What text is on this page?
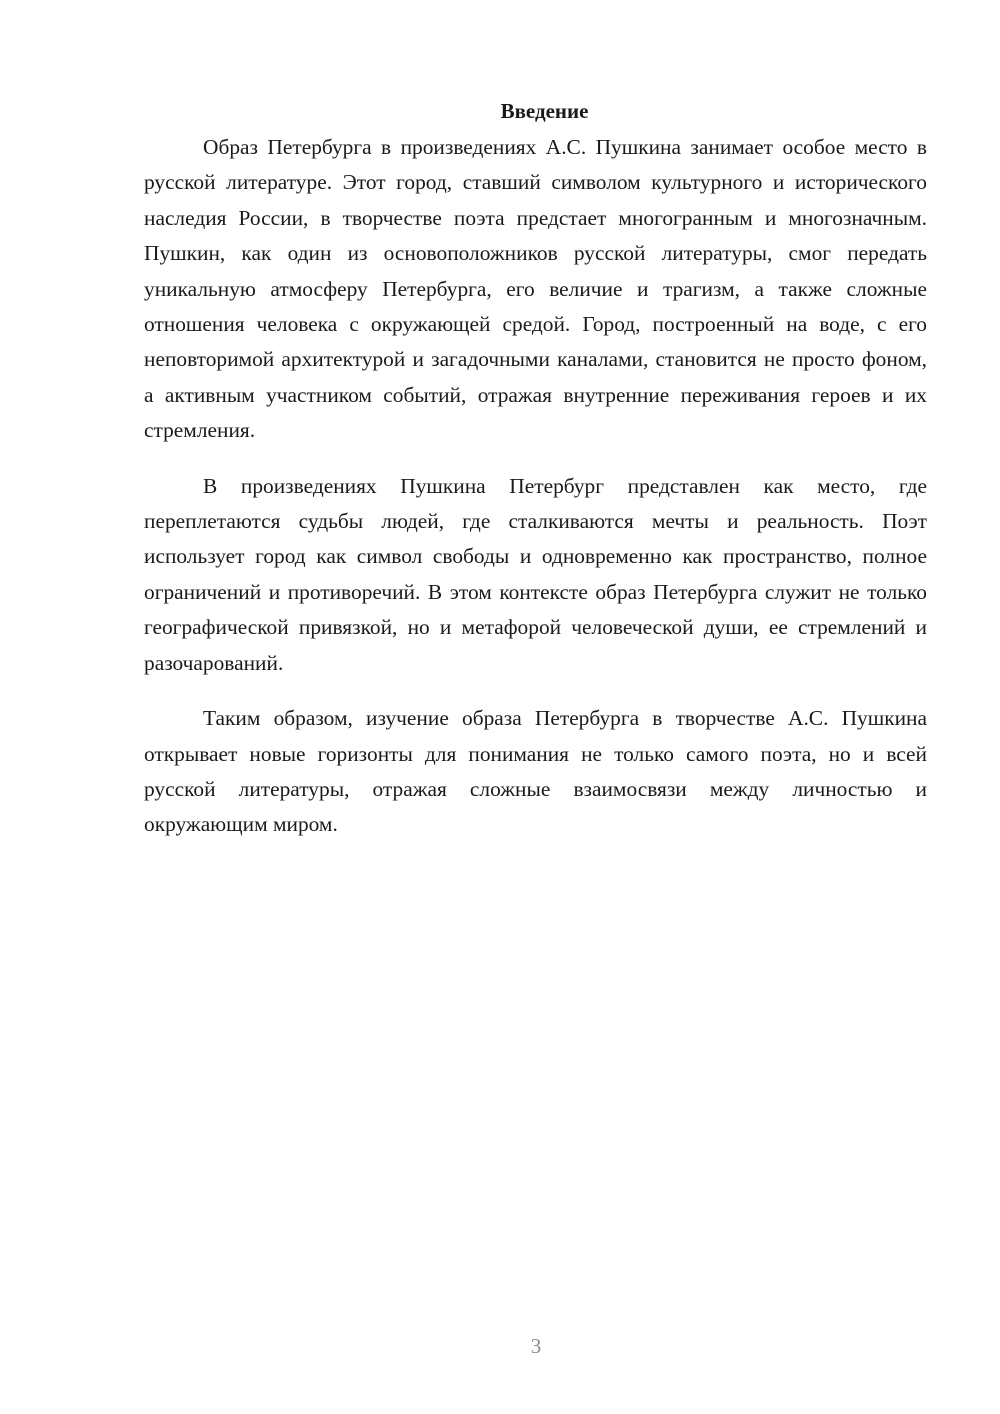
Введение

Образ Петербурга в произведениях А.С. Пушкина занимает особое место в русской литературе. Этот город, ставший символом культурного и исторического наследия России, в творчестве поэта предстает многогранным и многозначным. Пушкин, как один из основоположников русской литературы, смог передать уникальную атмосферу Петербурга, его величие и трагизм, а также сложные отношения человека с окружающей средой. Город, построенный на воде, с его неповторимой архитектурой и загадочными каналами, становится не просто фоном, а активным участником событий, отражая внутренние переживания героев и их стремления.

В произведениях Пушкина Петербург представлен как место, где переплетаются судьбы людей, где сталкиваются мечты и реальность. Поэт использует город как символ свободы и одновременно как пространство, полное ограничений и противоречий. В этом контексте образ Петербурга служит не только географической привязкой, но и метафорой человеческой души, ее стремлений и разочарований.

Таким образом, изучение образа Петербурга в творчестве А.С. Пушкина открывает новые горизонты для понимания не только самого поэта, но и всей русской литературы, отражая сложные взаимосвязи между личностью и окружающим миром.

3
